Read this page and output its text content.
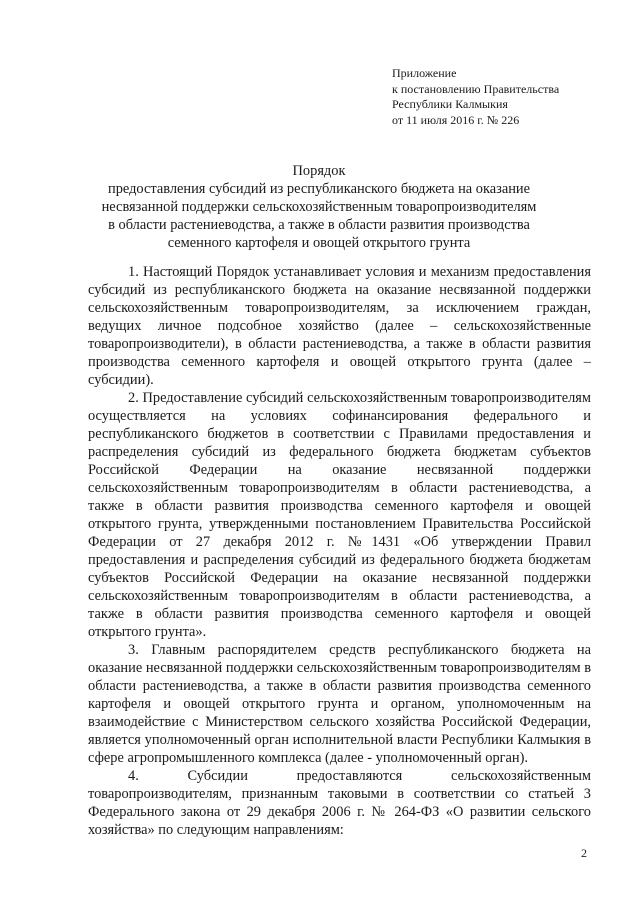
Приложение
к постановлению Правительства
Республики Калмыкия
от 11 июля 2016 г. № 226
Порядок
предоставления субсидий из республиканского бюджета на оказание
несвязанной поддержки сельскохозяйственным товаропроизводителям
в области растениеводства, а также в области развития производства
семенного картофеля и овощей открытого грунта

1. Настоящий Порядок устанавливает условия и механизм предоставления субсидий из республиканского бюджета на оказание несвязанной поддержки сельскохозяйственным товаропроизводителям, за исключением граждан, ведущих личное подсобное хозяйство (далее – сельскохозяйственные товаропроизводители), в области растениеводства, а также в области развития производства семенного картофеля и овощей открытого грунта (далее – субсидии).

2. Предоставление субсидий сельскохозяйственным товаропроизводителям осуществляется на условиях софинансирования федерального и республиканского бюджетов в соответствии с Правилами предоставления и распределения субсидий из федерального бюджета бюджетам субъектов Российской Федерации на оказание несвязанной поддержки сельскохозяйственным товаропроизводителям в области растениеводства, а также в области развития производства семенного картофеля и овощей открытого грунта, утвержденными постановлением Правительства Российской Федерации от 27 декабря 2012 г. №1431 «Об утверждении Правил предоставления и распределения субсидий из федерального бюджета бюджетам субъектов Российской Федерации на оказание несвязанной поддержки сельскохозяйственным товаропроизводителям в области растениеводства, а также в области развития производства семенного картофеля и овощей открытого грунта».

3. Главным распорядителем средств республиканского бюджета на оказание несвязанной поддержки сельскохозяйственным товаропроизводителям в области растениеводства, а также в области развития производства семенного картофеля и овощей открытого грунта и органом, уполномоченным на взаимодействие с Министерством сельского хозяйства Российской Федерации, является уполномоченный орган исполнительной власти Республики Калмыкия в сфере агропромышленного комплекса (далее - уполномоченный орган).

4. Субсидии предоставляются сельскохозяйственным товаропроизводителям, признанным таковыми в соответствии со статьей 3 Федерального закона от 29 декабря 2006 г. № 264-ФЗ «О развитии сельского хозяйства» по следующим направлениям:

2
